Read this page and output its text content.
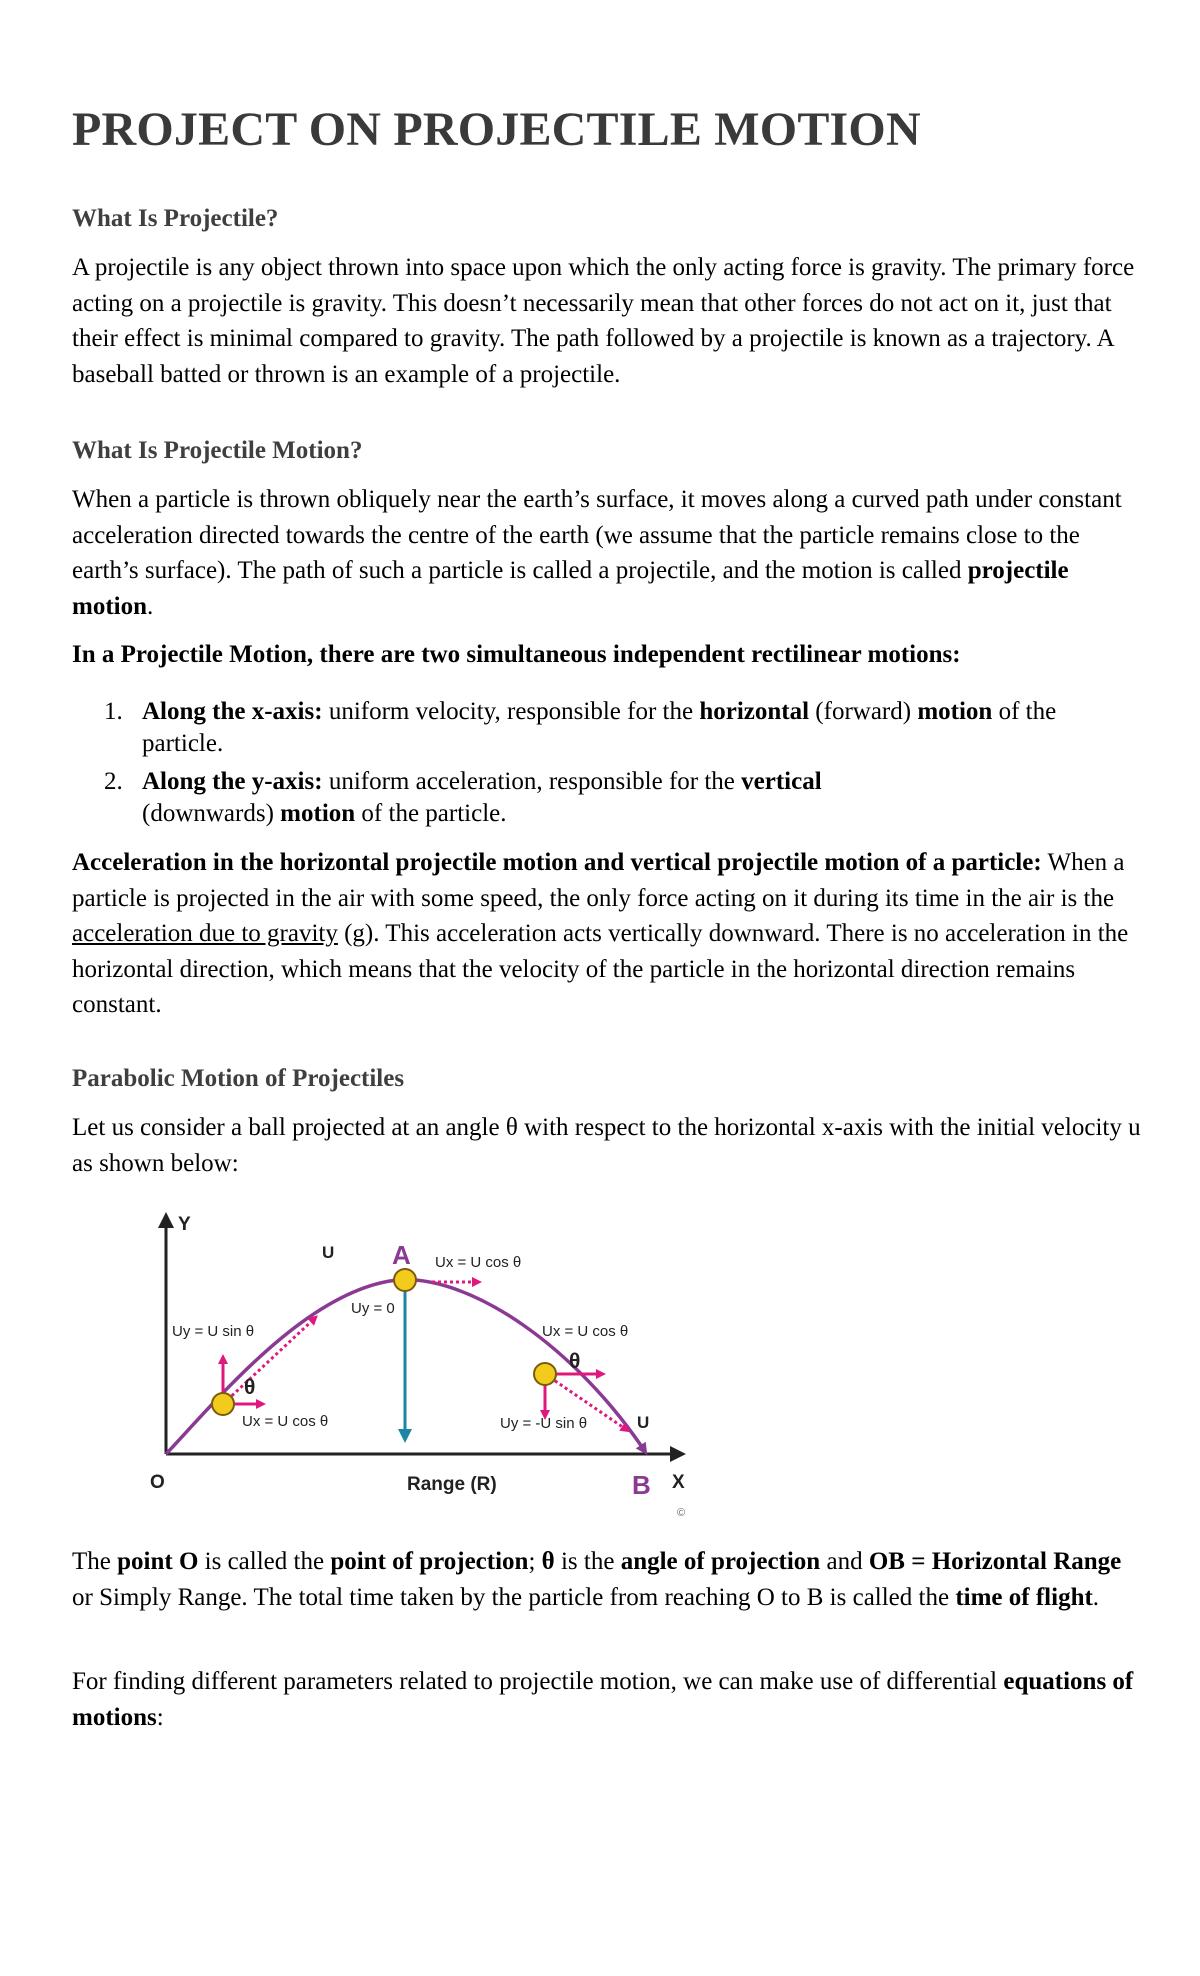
PROJECT ON PROJECTILE MOTION
What Is Projectile?

A projectile is any object thrown into space upon which the only acting force is gravity. The primary force acting on a projectile is gravity. This doesn’t necessarily mean that other forces do not act on it, just that their effect is minimal compared to gravity. The path followed by a projectile is known as a trajectory. A baseball batted or thrown is an example of a projectile.

What Is Projectile Motion?

When a particle is thrown obliquely near the earth’s surface, it moves along a curved path under constant acceleration directed towards the centre of the earth (we assume that the particle remains close to the earth’s surface). The path of such a particle is called a projectile, and the motion is called projectile motion.

In a Projectile Motion, there are two simultaneous independent rectilinear motions:

1. Along the x-axis: uniform velocity, responsible for the horizontal (forward) motion of the particle.
2. Along the y-axis: uniform acceleration, responsible for the vertical (downwards) motion of the particle.

Acceleration in the horizontal projectile motion and vertical projectile motion of a particle: When a particle is projected in the air with some speed, the only force acting on it during its time in the air is the acceleration due to gravity (g). This acceleration acts vertically downward. There is no acceleration in the horizontal direction, which means that the velocity of the particle in the horizontal direction remains constant.

Parabolic Motion of Projectiles

Let us consider a ball projected at an angle θ with respect to the horizontal x-axis with the initial velocity u as shown below:

The point O is called the point of projection; θ is the angle of projection and OB = Horizontal Range or Simply Range. The total time taken by the particle from reaching O to B is called the time of flight.

For finding different parameters related to projectile motion, we can make use of differential equations of motions:

Y
X
O
A
B
U
U
Uy = U sin θ
Ux = U cos θ
Uy = 0
Ux = U cos θ
Ux = U cos θ
Uy = -U sin θ
θ
θ
Range (R)
©
